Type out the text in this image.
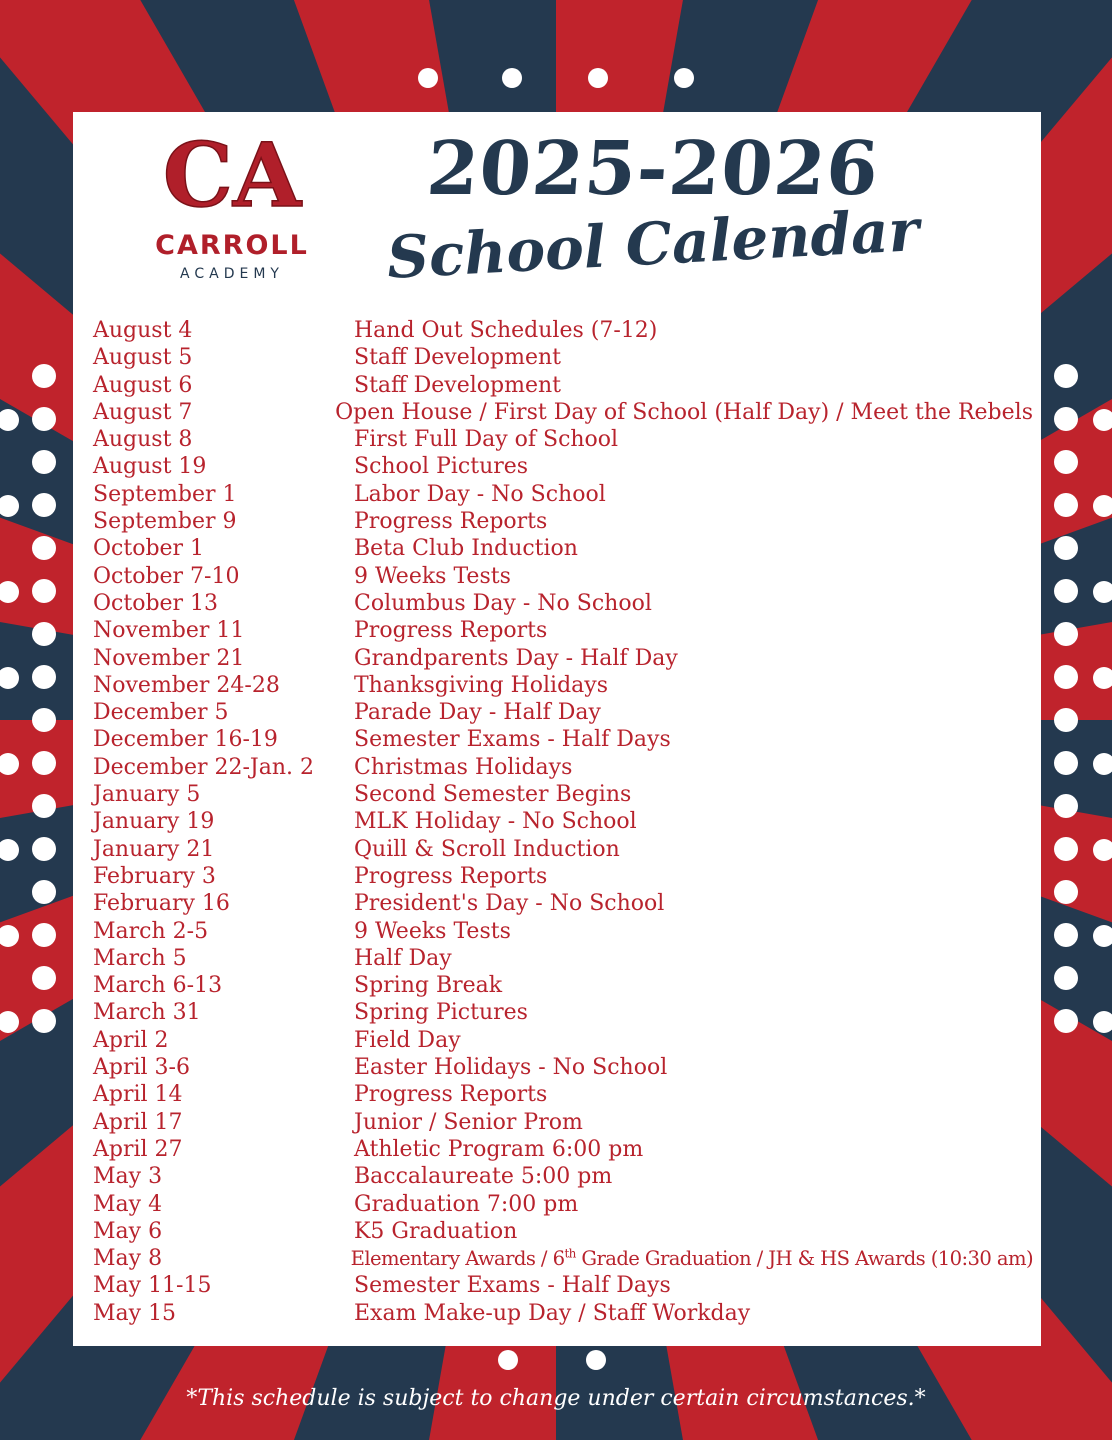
CA
CARROLL
ACADEMY
2025-2026
School Calendar
August 4	Hand Out Schedules (7-12)
August 5	Staff Development
August 6	Staff Development
August 7	Open House / First Day of School (Half Day) / Meet the Rebels
August 8	First Full Day of School
August 19	School Pictures
September 1	Labor Day - No School
September 9	Progress Reports
October 1	Beta Club Induction
October 7-10	9 Weeks Tests
October 13	Columbus Day - No School
November 11	Progress Reports
November 21	Grandparents Day - Half Day
November 24-28	Thanksgiving Holidays
December 5	Parade Day - Half Day
December 16-19	Semester Exams - Half Days
December 22-Jan. 2	Christmas Holidays
January 5	Second Semester Begins
January 19	MLK Holiday - No School
January 21	Quill & Scroll Induction
February 3	Progress Reports
February 16	President's Day - No School
March 2-5	9 Weeks Tests
March 5	Half Day
March 6-13	Spring Break
March 31	Spring Pictures
April 2	Field Day
April 3-6	Easter Holidays - No School
April 14	Progress Reports
April 17	Junior / Senior Prom
April 27	Athletic Program 6:00 pm
May 3	Baccalaureate 5:00 pm
May 4	Graduation 7:00 pm
May 6	K5 Graduation
May 8	Elementary Awards / 6th Grade Graduation / JH & HS Awards (10:30 am)
May 11-15	Semester Exams - Half Days
May 15	Exam Make-up Day / Staff Workday
*This schedule is subject to change under certain circumstances.*
